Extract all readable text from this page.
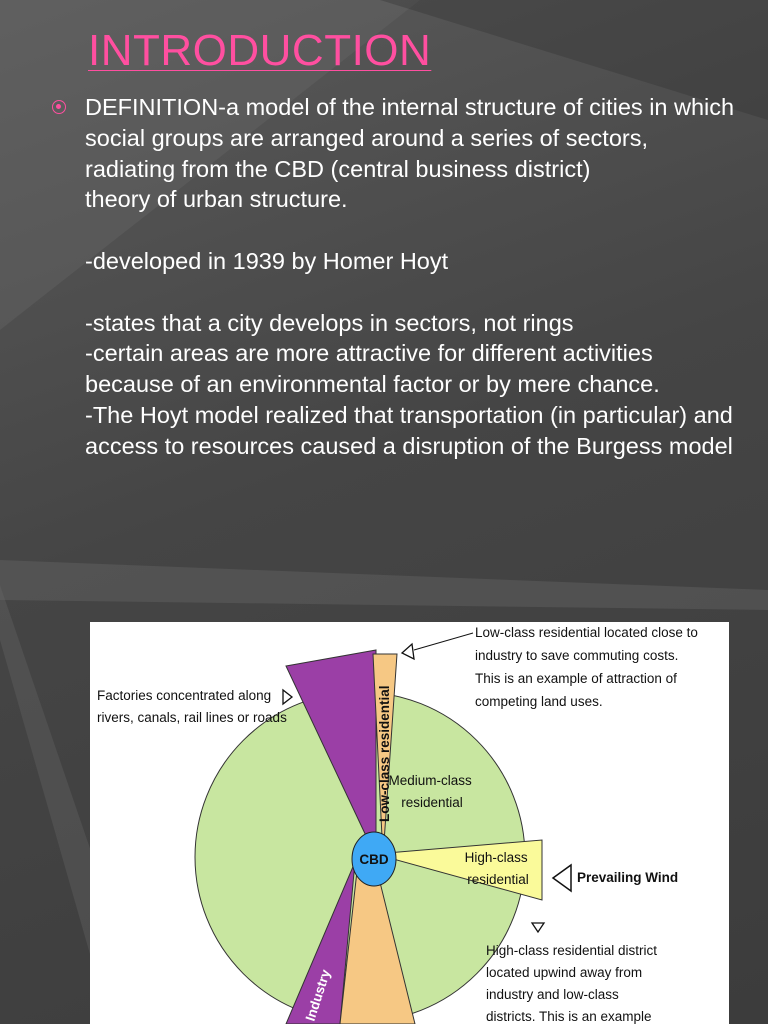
INTRODUCTION

DEFINITION-a model of the internal structure of cities in which social groups are arranged around a series of sectors, radiating from the CBD (central business district)
theory of urban structure.

-developed in 1939 by Homer Hoyt

-states that a city develops in sectors, not rings
-certain areas are more attractive for different activities because of an environmental factor or by mere chance.
-The Hoyt model realized that transportation (in particular) and access to resources caused a disruption of the Burgess model

CBD
Low-class residential
Medium-class residential
High-class residential
Industry
Factories concentrated along rivers, canals, rail lines or roads
Low-class residential located close to industry to save commuting costs. This is an example of attraction of competing land uses.
Prevailing Wind
High-class residential district located upwind away from industry and low-class districts. This is an example
